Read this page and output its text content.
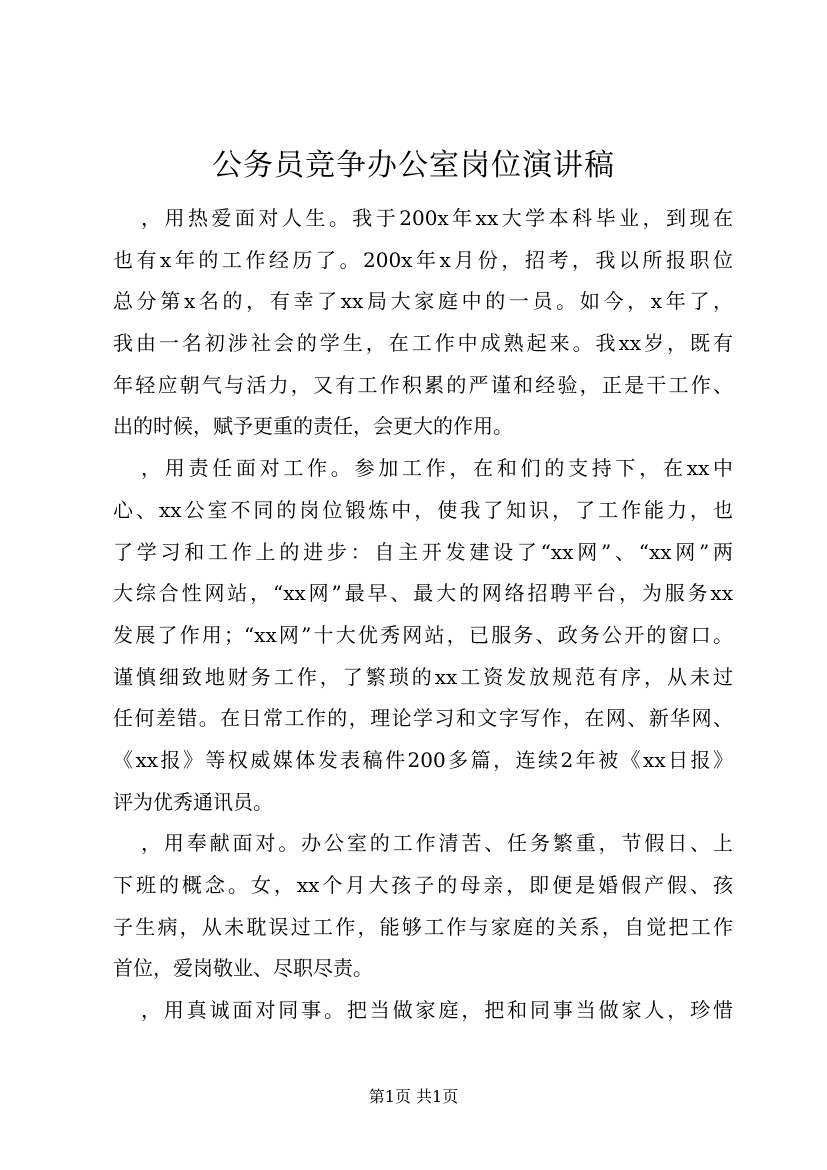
公务员竞争办公室岗位演讲稿
，用热爱面对人生。我于200x年xx大学本科毕业，到现在
也有x年的工作经历了。200x年x月份，招考，我以所报职位
总分第x名的，有幸了xx局大家庭中的一员。如今，x年了，
我由一名初涉社会的学生，在工作中成熟起来。我xx岁，既有
年轻应朝气与活力，又有工作积累的严谨和经验，正是干工作、
出的时候，赋予更重的责任，会更大的作用。
，用责任面对工作。参加工作，在和们的支持下，在xx中
心、xx公室不同的岗位锻炼中，使我了知识，了工作能力，也
了学习和工作上的进步：自主开发建设了“xx网”、“xx网”两
大综合性网站，“xx网”最早、最大的网络招聘平台，为服务xx
发展了作用；“xx网”十大优秀网站，已服务、政务公开的窗口。
谨慎细致地财务工作，了繁琐的xx工资发放规范有序，从未过
任何差错。在日常工作的，理论学习和文字写作，在网、新华网、
《xx报》等权威媒体发表稿件200多篇，连续2年被《xx日报》
评为优秀通讯员。
，用奉献面对。办公室的工作清苦、任务繁重，节假日、上
下班的概念。女，xx个月大孩子的母亲，即便是婚假产假、孩
子生病，从未耽误过工作，能够工作与家庭的关系，自觉把工作
首位，爱岗敬业、尽职尽责。
，用真诚面对同事。把当做家庭，把和同事当做家人，珍惜
第1页 共1页
